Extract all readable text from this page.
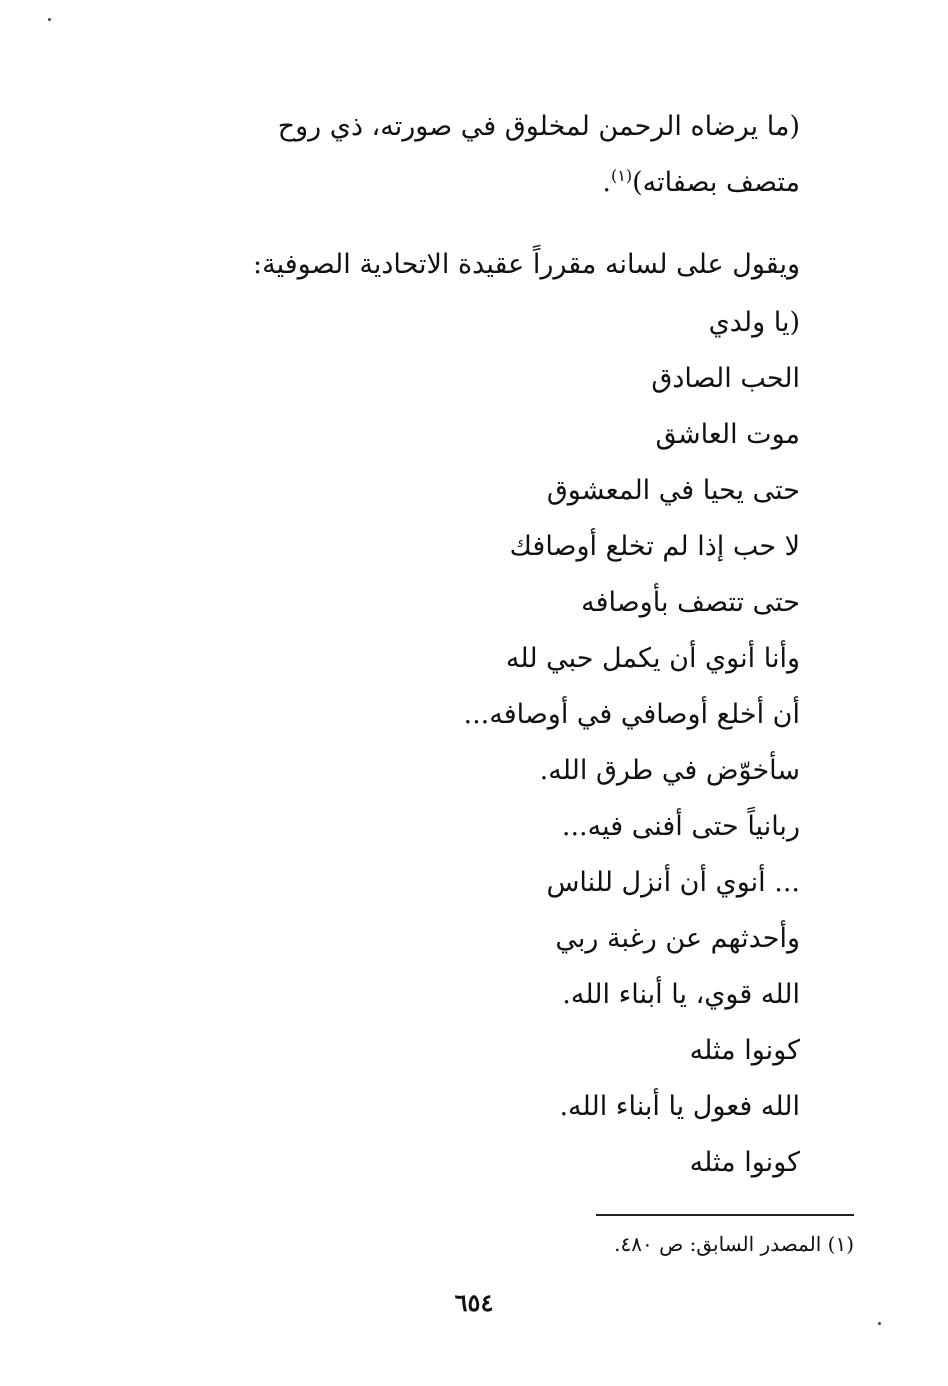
(ما يرضاه الرحمن لمخلوق في صورته، ذي روح
متصف بصفاته)$^{(١)}$.
ويقول على لسانه مقرراً عقيدة الاتحادية الصوفية:
(يا ولدي
الحب الصادق
موت العاشق
حتى يحيا في المعشوق
لا حب إذا لم تخلع أوصافك
حتى تتصف بأوصافه
وأنا أنوي أن يكمل حبي لله
أن أخلع أوصافي في أوصافه...
سأخوّض في طرق الله.
ربانياً حتى أفنى فيه...
... أنوي أن أنزل للناس
وأحدثهم عن رغبة ربي
الله قوي، يا أبناء الله.
كونوا مثله
الله فعول يا أبناء الله.
كونوا مثله
(١) المصدر السابق: ص ٤٨٠.
٦٥٤
